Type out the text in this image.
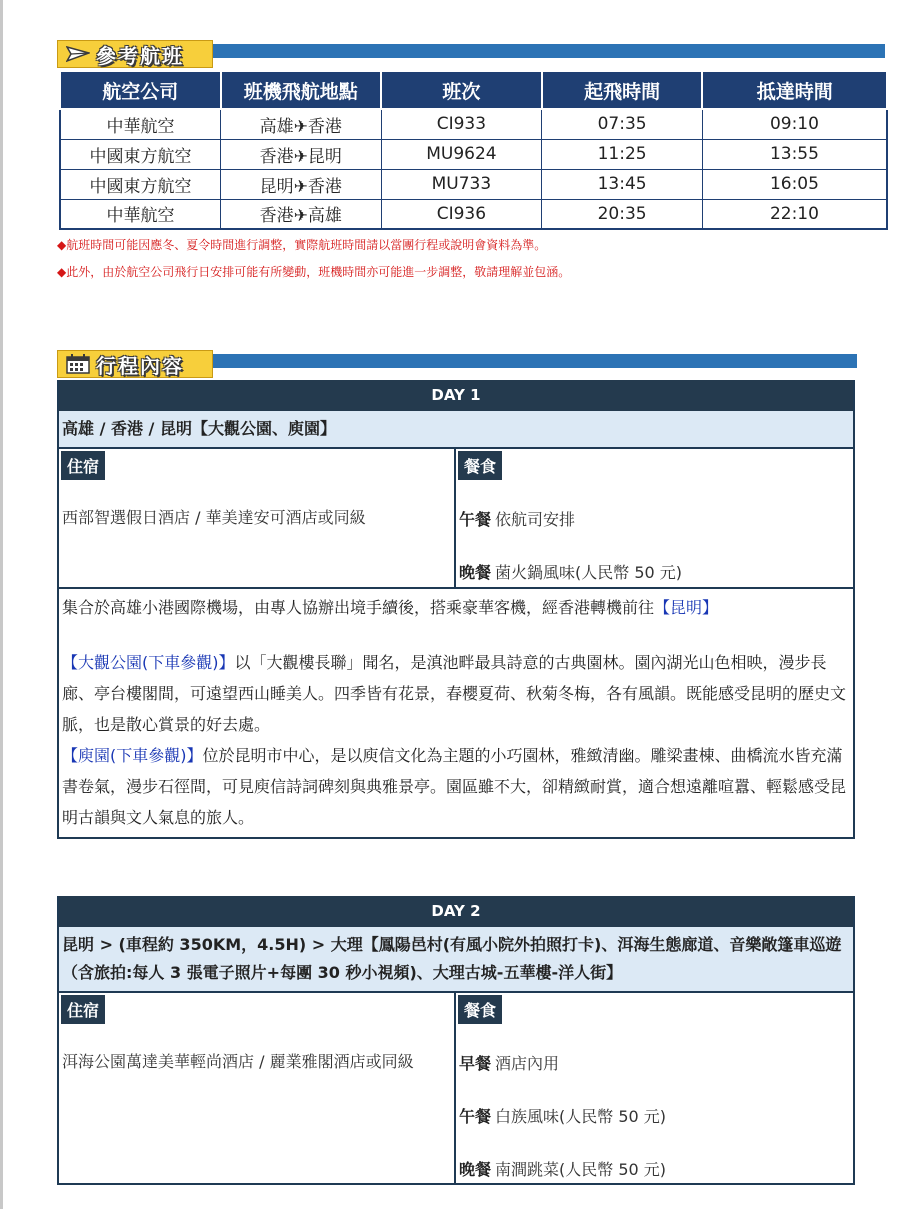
參考航班
航空公司	班機飛航地點	班次	起飛時間	抵達時間
中華航空	高雄✈香港	CI933	07:35	09:10
中國東方航空	香港✈昆明	MU9624	11:25	13:55
中國東方航空	昆明✈香港	MU733	13:45	16:05
中華航空	香港✈高雄	CI936	20:35	22:10
◆航班時間可能因應冬、夏令時間進行調整，實際航班時間請以當團行程或說明會資料為準。
◆此外，由於航空公司飛行日安排可能有所變動，班機時間亦可能進一步調整，敬請理解並包涵。
行程內容
DAY 1
高雄 / 香港 / 昆明【大觀公園、庾園】
住宿
西部智選假日酒店 / 華美達安可酒店或同級
餐食
午餐 依航司安排
晚餐 菌火鍋風味(人民幣 50 元)
集合於高雄小港國際機場，由專人協辦出境手續後，搭乘豪華客機，經香港轉機前往【昆明】
【大觀公園(下車參觀)】以「大觀樓長聯」聞名，是滇池畔最具詩意的古典園林。園內湖光山色相映，漫步長廊、亭台樓閣間，可遠望西山睡美人。四季皆有花景，春櫻夏荷、秋菊冬梅，各有風韻。既能感受昆明的歷史文脈，也是散心賞景的好去處。
【庾園(下車參觀)】位於昆明市中心，是以庾信文化為主題的小巧園林，雅緻清幽。雕梁畫棟、曲橋流水皆充滿書卷氣，漫步石徑間，可見庾信詩詞碑刻與典雅景亭。園區雖不大，卻精緻耐賞，適合想遠離喧囂、輕鬆感受昆明古韻與文人氣息的旅人。
DAY 2
昆明 > (車程約 350KM，4.5H) > 大理【鳳陽邑村(有風小院外拍照打卡)、洱海生態廊道、音樂敞篷車巡遊（含旅拍:每人 3 張電子照片+每團 30 秒小視頻)、大理古城-五華樓-洋人街】
住宿
洱海公園萬達美華輕尚酒店 / 麗業雅閣酒店或同級
餐食
早餐 酒店內用
午餐 白族風味(人民幣 50 元)
晚餐 南澗跳菜(人民幣 50 元)
